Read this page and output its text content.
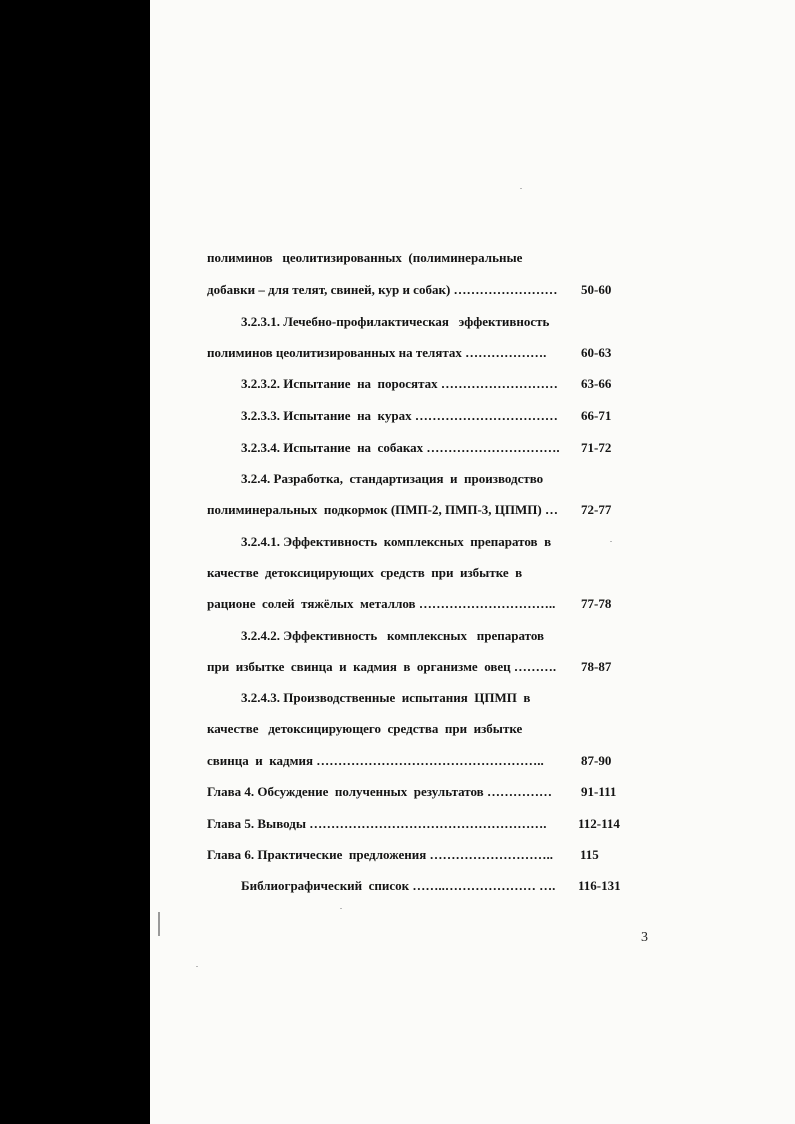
полиминов   цеолитизированных  (полиминеральные
добавки – для телят, свиней, кур и собак) …………………… 50-60
3.2.3.1. Лечебно-профилактическая   эффективность
полиминов цеолитизированных на телятах ……………….	60-63
3.2.3.2. Испытание  на  поросятах ……………………… 63-66
3.2.3.3. Испытание  на  курах …………………………… 66-71
3.2.3.4. Испытание  на  собаках …………………………. 71-72
3.2.4. Разработка,  стандартизация  и  производство
полиминеральных  подкормок (ПМП-2, ПМП-3, ЦПМП) … 72-77
3.2.4.1. Эффективность  комплексных  препаратов  в
качестве  детоксицирующих  средств  при  избытке  в
рационе  солей  тяжёлых  металлов ………………………….. 77-78
3.2.4.2. Эффективность   комплексных   препаратов
при  избытке  свинца  и  кадмия  в  организме  овец ………. 78-87
3.2.4.3. Производственные  испытания  ЦПМП  в
качестве   детоксицирующего  средства  при  избытке
свинца  и  кадмия ……………………………………………..	87-90
Глава 4. Обсуждение  полученных  результатов …………… 91-111
Глава 5. Выводы ………………………………………………. 112-114
Глава 6. Практические  предложения ……………………….. 115
Библиографический  список ……..………………… …. 116-131
3
